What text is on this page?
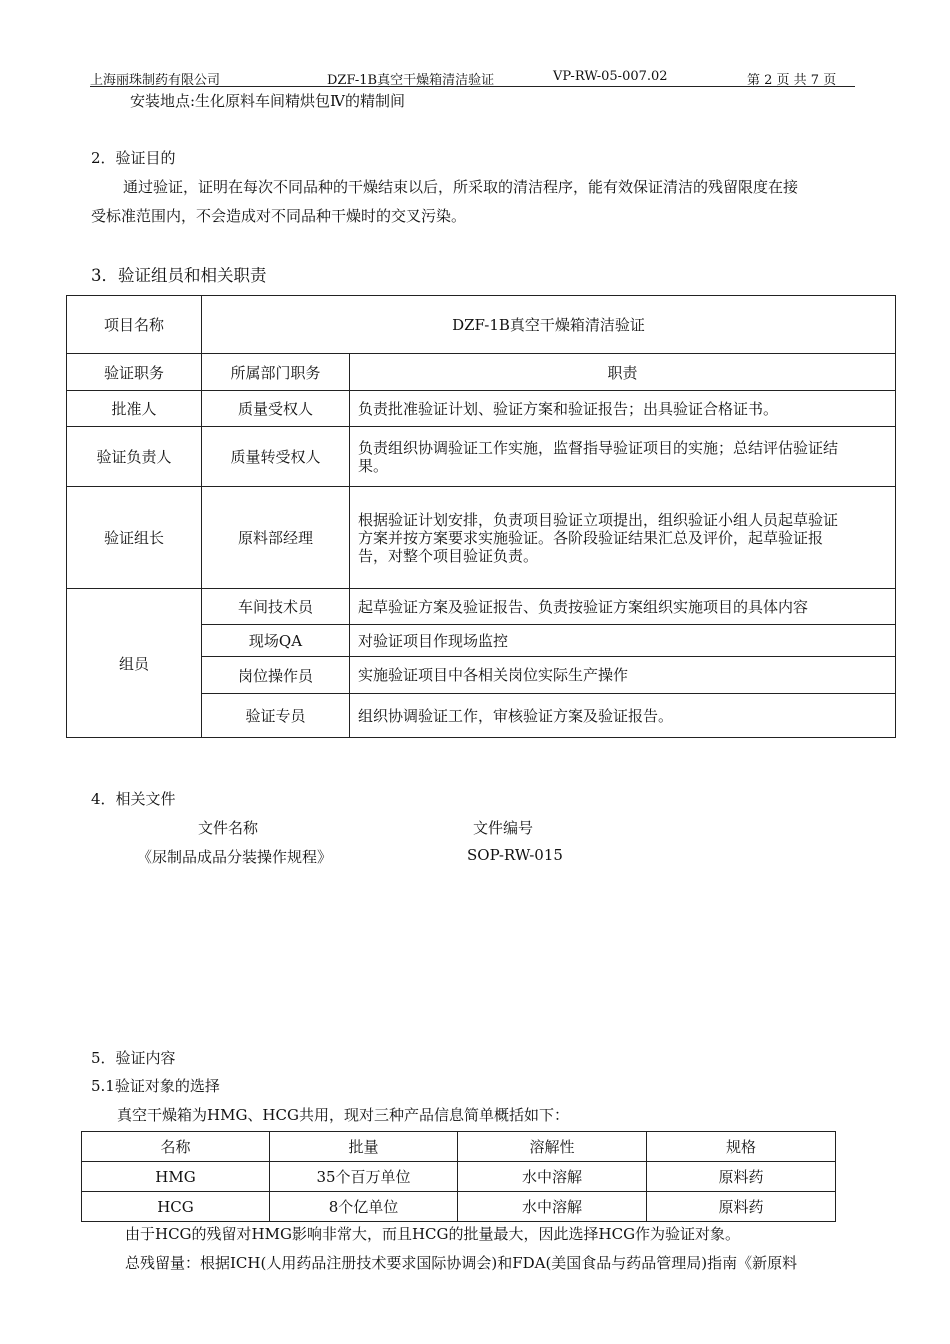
上海丽珠制药有限公司	DZF-1B真空干燥箱清洁验证	VP-RW-05-007.02	第 2 页 共 7 页
安装地点:生化原料车间精烘包Ⅳ的精制间
2．验证目的
通过验证，证明在每次不同品种的干燥结束以后，所采取的清洁程序，能有效保证清洁的残留限度在接
受标准范围内，不会造成对不同品种干燥时的交叉污染。
3．验证组员和相关职责
项目名称	DZF-1B真空干燥箱清洁验证	
验证职务	所属部门职务	职责
批准人	质量受权人	负责批准验证计划、验证方案和验证报告；出具验证合格证书。
验证负责人	质量转受权人	负责组织协调验证工作实施，监督指导验证项目的实施；总结评估验证结
果。

验证组长	原料部经理	根据验证计划安排，负责项目验证立项提出，组织验证小组人员起草验证
方案并按方案要求实施验证。各阶段验证结果汇总及评价，起草验证报
告，对整个项目验证负责。

组员	车间技术员	起草验证方案及验证报告、负责按验证方案组织实施项目的具体内容
	现场QA	对验证项目作现场监控
	岗位操作员	实施验证项目中各相关岗位实际生产操作
	验证专员	组织协调验证工作，审核验证方案及验证报告。
4．相关文件
文件名称	文件编号
《尿制品成品分装操作规程》	SOP-RW-015
5．验证内容
5.1验证对象的选择
真空干燥箱为HMG、HCG共用，现对三种产品信息简单概括如下：
名称	批量	溶解性	规格
HMG	35个百万单位	水中溶解	原料药
HCG	8个亿单位	水中溶解	原料药
由于HCG的残留对HMG影响非常大，而且HCG的批量最大，因此选择HCG作为验证对象。
总残留量：根据ICH(人用药品注册技术要求国际协调会)和FDA(美国食品与药品管理局)指南《新原料
